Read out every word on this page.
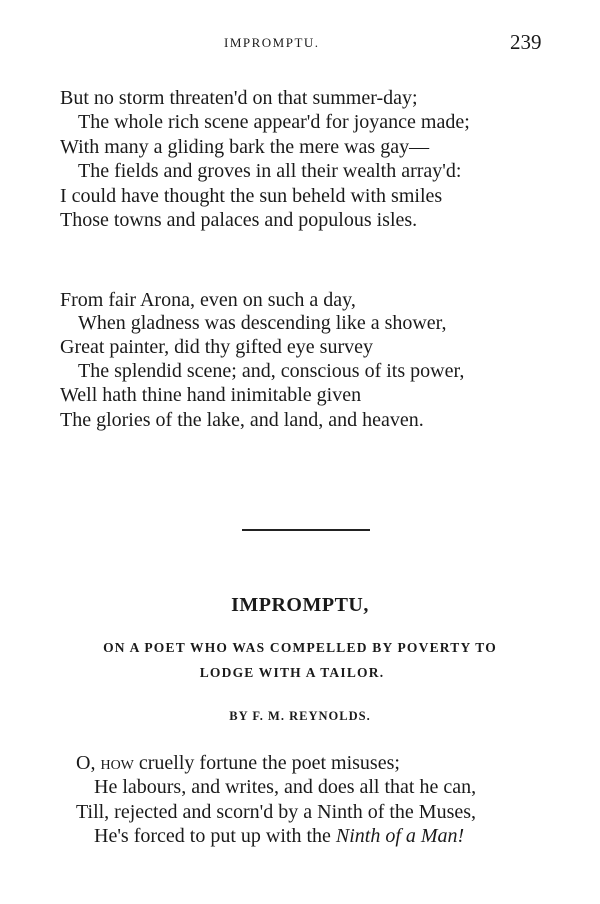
IMPROMPTU.	239
But no storm threaten'd on that summer-day;
The whole rich scene appear'd for joyance made;
With many a gliding bark the mere was gay—
The fields and groves in all their wealth array'd:
I could have thought the sun beheld with smiles
Those towns and palaces and populous isles.
From fair Arona, even on such a day,
When gladness was descending like a shower,
Great painter, did thy gifted eye survey
The splendid scene; and, conscious of its power,
Well hath thine hand inimitable given
The glories of the lake, and land, and heaven.
IMPROMPTU,
ON A POET WHO WAS COMPELLED BY POVERTY TO
LODGE WITH A TAILOR.
BY F. M. REYNOLDS.
O, how cruelly fortune the poet misuses;
He labours, and writes, and does all that he can,
Till, rejected and scorn'd by a Ninth of the Muses,
He's forced to put up with the Ninth of a Man!
